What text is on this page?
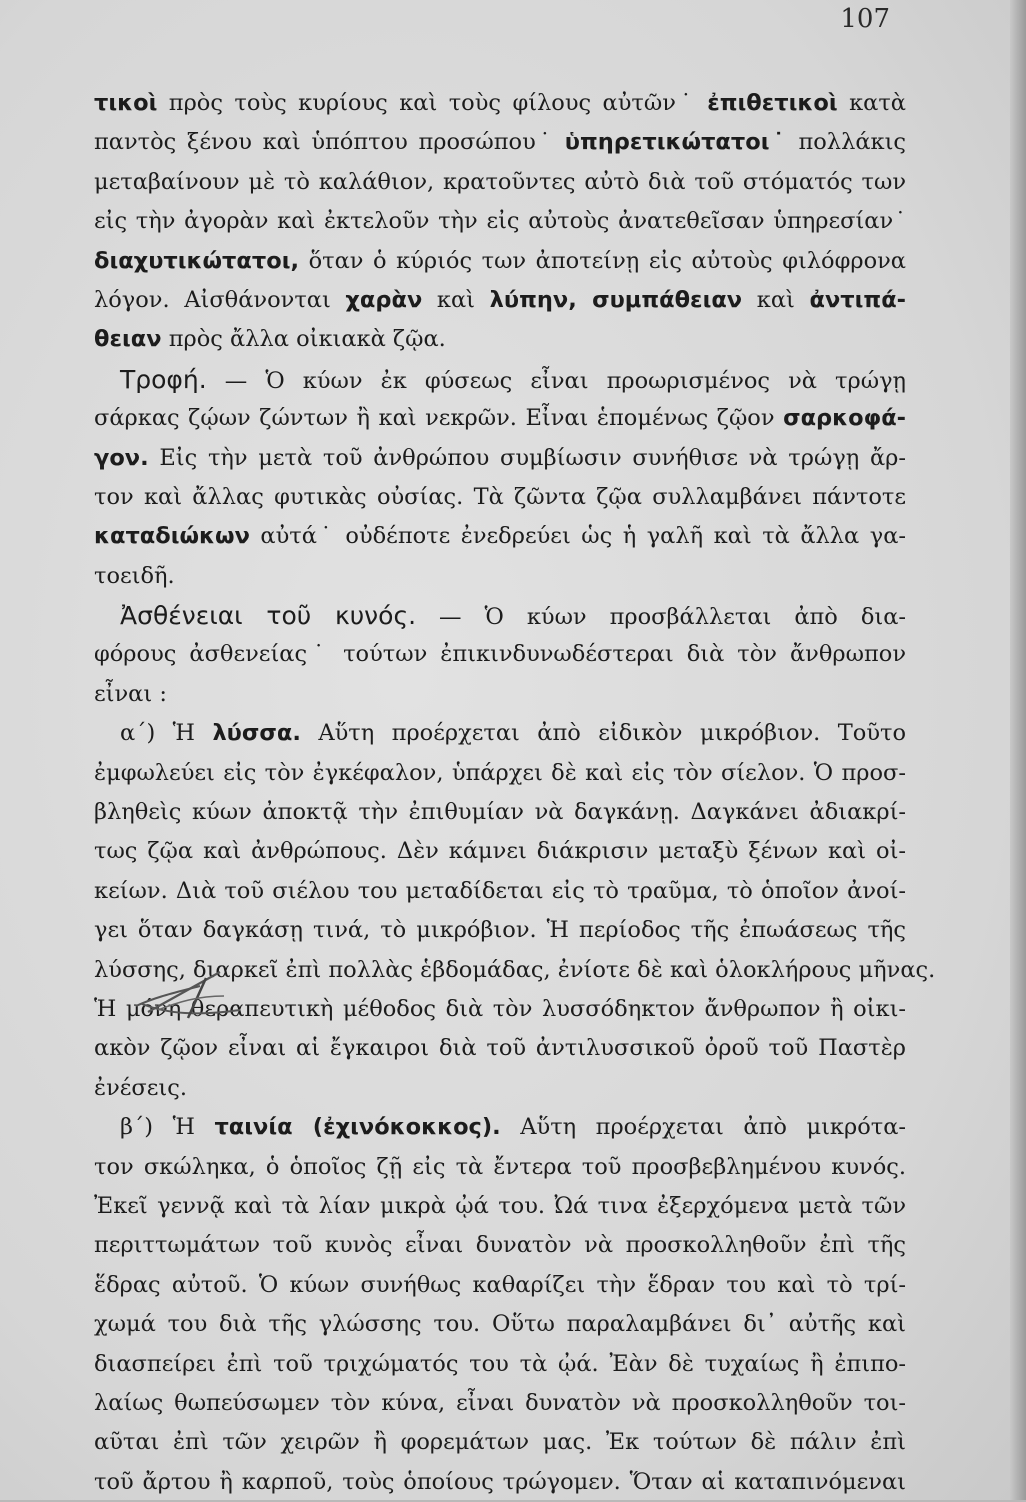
107
τικοὶ πρὸς τοὺς κυρίους καὶ τοὺς φίλους αὐτῶν˙ ἐπιθετικοὶ κατὰ
παντὸς ξένου καὶ ὑπόπτου προσώπου˙ ὑπηρετικώτατοι˙ πολλάκις
μεταβαίνουν μὲ τὸ καλάθιον, κρατοῦντες αὐτὸ διὰ τοῦ στόματός των
εἰς τὴν ἀγορὰν καὶ ἐκτελοῦν τὴν εἰς αὐτοὺς ἀνατεθεῖσαν ὑπηρεσίαν˙
διαχυτικώτατοι, ὅταν ὁ κύριός των ἀποτείνῃ εἰς αὐτοὺς φιλόφρονα
λόγον. Αἰσθάνονται χαρὰν καὶ λύπην, συμπάθειαν καὶ ἀντιπά-
θειαν πρὸς ἄλλα οἰκιακὰ ζῷα.
Τροφή. — Ὁ κύων ἐκ φύσεως εἶναι προωρισμένος νὰ τρώγῃ
σάρκας ζῴων ζώντων ἢ καὶ νεκρῶν. Εἶναι ἑπομένως ζῷον σαρκοφά-
γον. Εἰς τὴν μετὰ τοῦ ἀνθρώπου συμβίωσιν συνήθισε νὰ τρώγῃ ἄρ-
τον καὶ ἄλλας φυτικὰς οὐσίας. Τὰ ζῶντα ζῷα συλλαμβάνει πάντοτε
καταδιώκων αὐτά˙ οὐδέποτε ἐνεδρεύει ὡς ἡ γαλῆ καὶ τὰ ἄλλα γα-
τοειδῆ.
Ἀσθένειαι τοῦ κυνός. — Ὁ κύων προσβάλλεται ἀπὸ δια-
φόρους ἀσθενείας˙ τούτων ἐπικινδυνωδέστεραι διὰ τὸν ἄνθρωπον
εἶναι :
α´) Ἡ λύσσα. Αὕτη προέρχεται ἀπὸ εἰδικὸν μικρόβιον. Τοῦτο
ἐμφωλεύει εἰς τὸν ἐγκέφαλον, ὑπάρχει δὲ καὶ εἰς τὸν σίελον. Ὁ προσ-
βληθεὶς κύων ἀποκτᾷ τὴν ἐπιθυμίαν νὰ δαγκάνῃ. Δαγκάνει ἀδιακρί-
τως ζῷα καὶ ἀνθρώπους. Δὲν κάμνει διάκρισιν μεταξὺ ξένων καὶ οἰ-
κείων. Διὰ τοῦ σιέλου του μεταδίδεται εἰς τὸ τραῦμα, τὸ ὁποῖον ἀνοί-
γει ὅταν δαγκάσῃ τινά, τὸ μικρόβιον. Ἡ περίοδος τῆς ἐπωάσεως τῆς
λύσσης, διαρκεῖ ἐπὶ πολλὰς ἑβδομάδας, ἐνίοτε δὲ καὶ ὁλοκλήρους μῆνας.
Ἡ μόνη θεραπευτικὴ μέθοδος διὰ τὸν λυσσόδηκτον ἄνθρωπον ἢ οἰκι-
ακὸν ζῷον εἶναι αἱ ἔγκαιροι διὰ τοῦ ἀντιλυσσικοῦ ὀροῦ τοῦ Παστὲρ
ἐνέσεις.
β´) Ἡ ταινία (ἐχινόκοκκος). Αὕτη προέρχεται ἀπὸ μικρότα-
τον σκώληκα, ὁ ὁποῖος ζῇ εἰς τὰ ἔντερα τοῦ προσβεβλημένου κυνός.
Ἐκεῖ γεννᾷ καὶ τὰ λίαν μικρὰ ᾠά του. Ὠά τινα ἐξερχόμενα μετὰ τῶν
περιττωμάτων τοῦ κυνὸς εἶναι δυνατὸν νὰ προσκολληθοῦν ἐπὶ τῆς
ἕδρας αὐτοῦ. Ὁ κύων συνήθως καθαρίζει τὴν ἕδραν του καὶ τὸ τρί-
χωμά του διὰ τῆς γλώσσης του. Οὕτω παραλαμβάνει δι᾽ αὐτῆς καὶ
διασπείρει ἐπὶ τοῦ τριχώματός του τὰ ᾠά. Ἐὰν δὲ τυχαίως ἢ ἐπιπο-
λαίως θωπεύσωμεν τὸν κύνα, εἶναι δυνατὸν νὰ προσκολληθοῦν τοι-
αῦται ἐπὶ τῶν χειρῶν ἢ φορεμάτων μας. Ἐκ τούτων δὲ πάλιν ἐπὶ
τοῦ ἄρτου ἢ καρποῦ, τοὺς ὁποίους τρώγομεν. Ὅταν αἱ καταπινόμεναι
